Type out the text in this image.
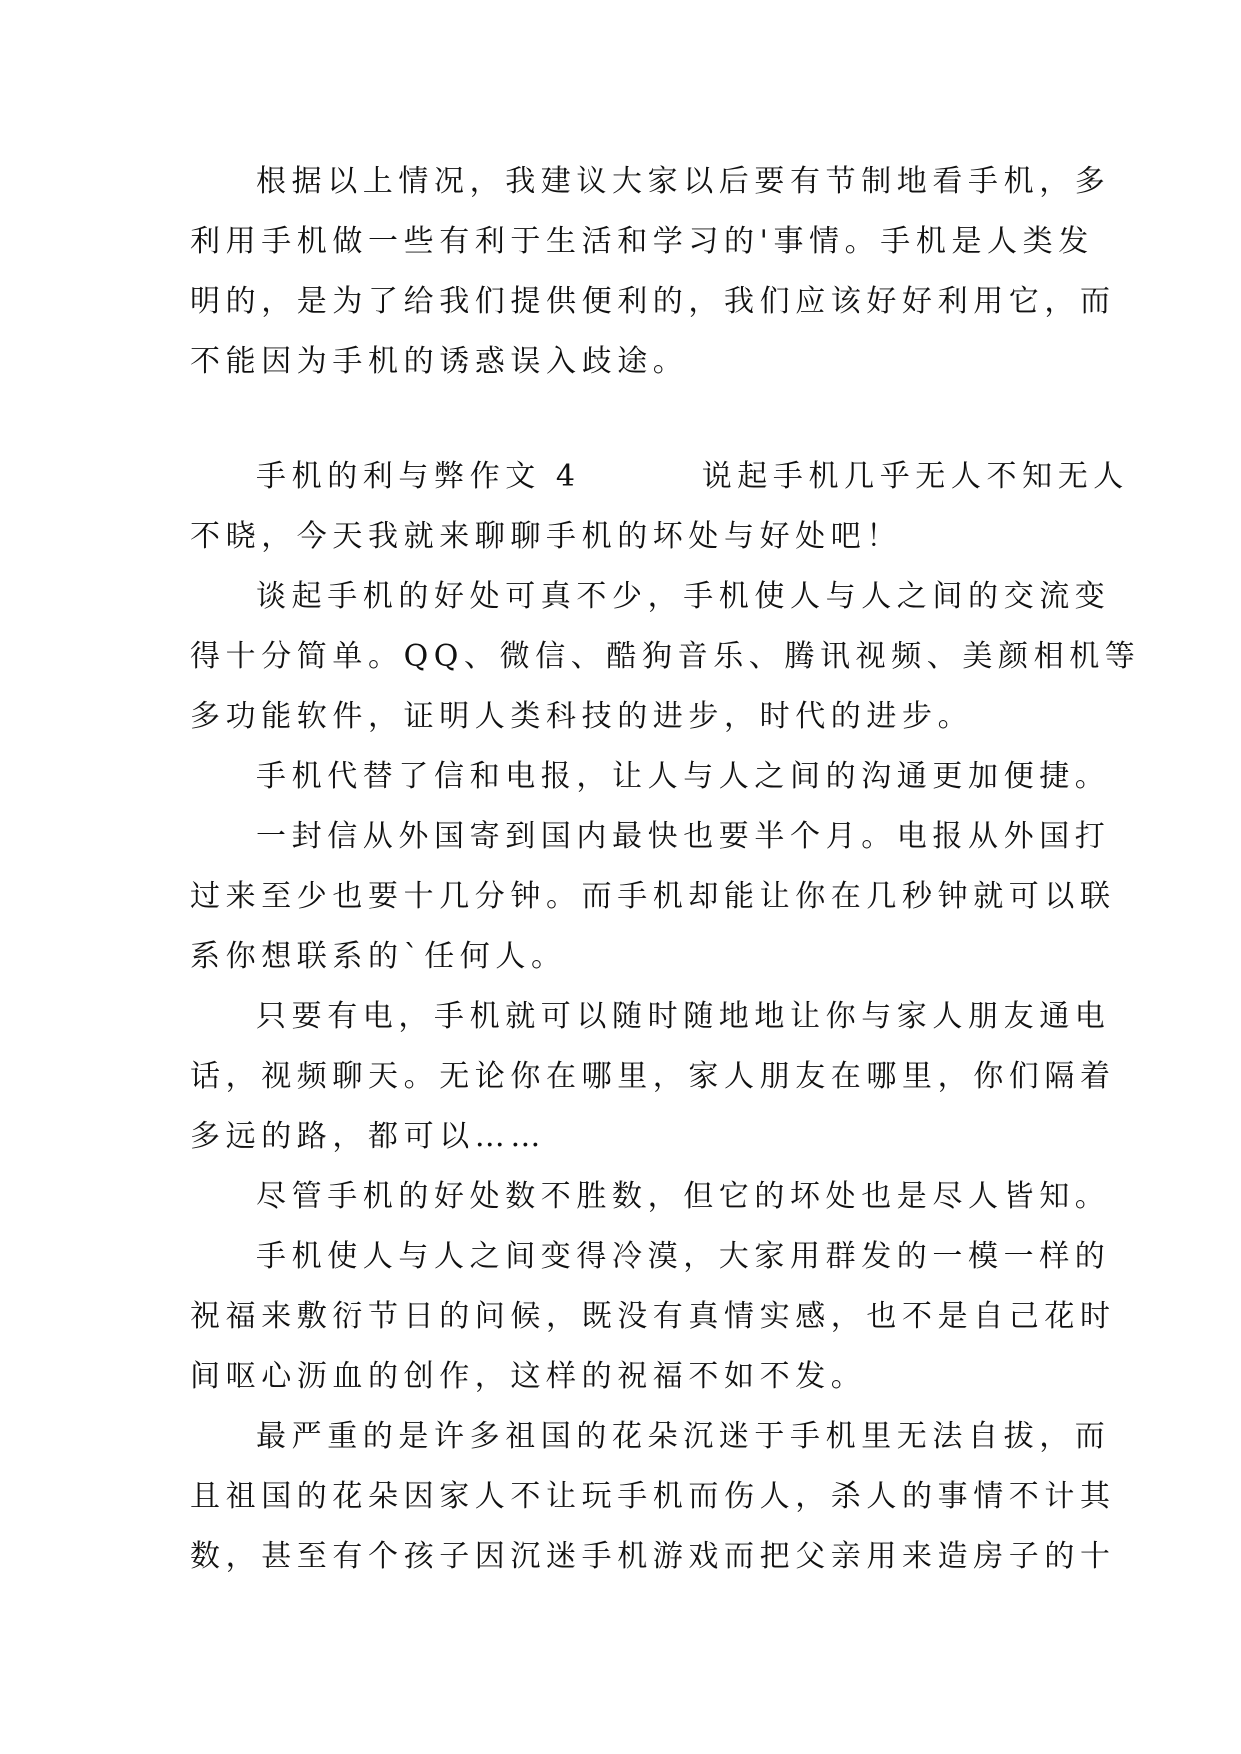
根据以上情况，我建议大家以后要有节制地看手机，多
利用手机做一些有利于生活和学习的'事情。手机是人类发
明的，是为了给我们提供便利的，我们应该好好利用它，而
不能因为手机的诱惑误入歧途。
手机的利与弊作文 4        说起手机几乎无人不知无人
不晓，今天我就来聊聊手机的坏处与好处吧！
谈起手机的好处可真不少，手机使人与人之间的交流变
得十分简单。QQ、微信、酷狗音乐、腾讯视频、美颜相机等
多功能软件，证明人类科技的进步，时代的进步。
手机代替了信和电报，让人与人之间的沟通更加便捷。
一封信从外国寄到国内最快也要半个月。电报从外国打
过来至少也要十几分钟。而手机却能让你在几秒钟就可以联
系你想联系的`任何人。
只要有电，手机就可以随时随地地让你与家人朋友通电
话，视频聊天。无论你在哪里，家人朋友在哪里，你们隔着
多远的路，都可以……
尽管手机的好处数不胜数，但它的坏处也是尽人皆知。
手机使人与人之间变得冷漠，大家用群发的一模一样的
祝福来敷衍节日的问候，既没有真情实感，也不是自己花时
间呕心沥血的创作，这样的祝福不如不发。
最严重的是许多祖国的花朵沉迷于手机里无法自拔，而
且祖国的花朵因家人不让玩手机而伤人，杀人的事情不计其
数，甚至有个孩子因沉迷手机游戏而把父亲用来造房子的十
